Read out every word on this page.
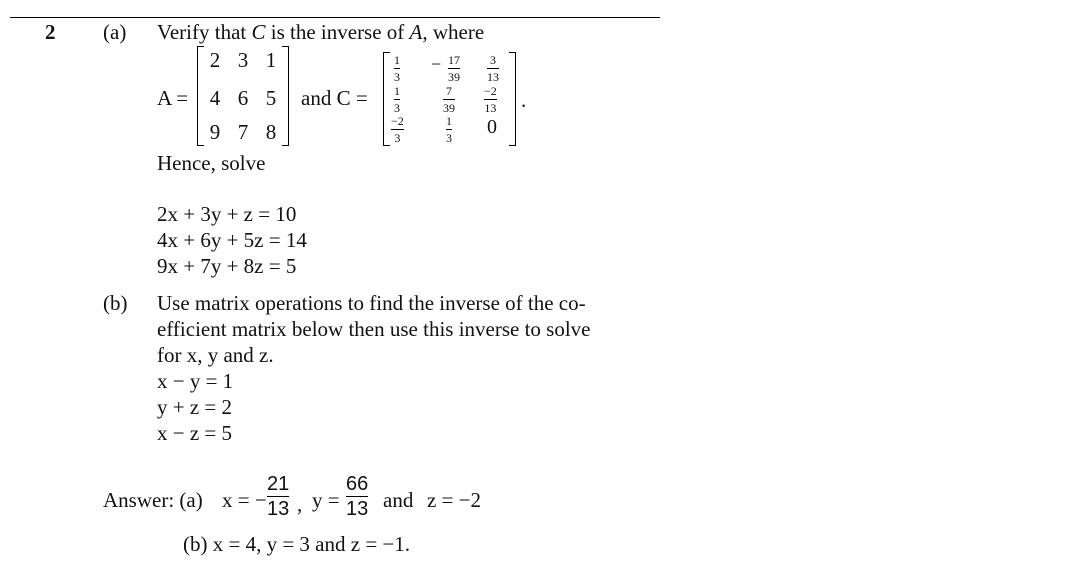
2 (a) Verify that C is the inverse of A, where
A =
2 3 1
4 6 5
9 7 8
and C =
1
3
− 17
39
3
13
1
3
7
39
−2
13
−2
3
1
3 0
.
Hence, solve
2x + 3y + z = 10
4x + 6y + 5z = 14
9x + 7y + 8z = 5
(b) Use matrix operations to find the inverse of the co-
efficient matrix below then use this inverse to solve
for x, y and z.
x − y = 1
y + z = 2
x − z = 5
Answer: (a) x = −
21
13 , y =
66
13 and z = −2
(b) x = 4, y = 3 and z = −1.
